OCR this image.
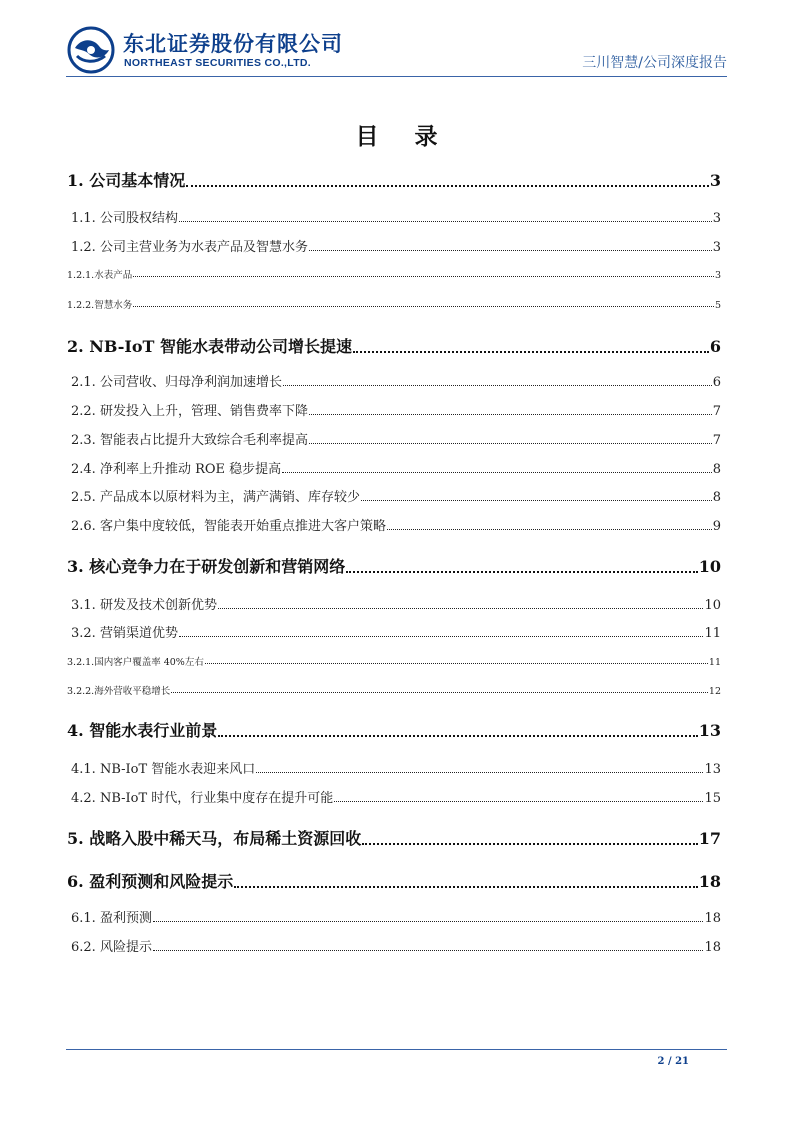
东北证券股份有限公司
NORTHEAST SECURITIES CO.,LTD.	三川智慧/公司深度报告
目 录
1. 公司基本情况	3
1.1. 公司股权结构	3
1.2. 公司主营业务为水表产品及智慧水务	3
1.2.1.水表产品	3
1.2.2.智慧水务	5
2. NB-IoT 智能水表带动公司增长提速	6
2.1. 公司营收、归母净利润加速增长	6
2.2. 研发投入上升，管理、销售费率下降	7
2.3. 智能表占比提升大致综合毛利率提高	7
2.4. 净利率上升推动 ROE 稳步提高	8
2.5. 产品成本以原材料为主，满产满销、库存较少	8
2.6. 客户集中度较低，智能表开始重点推进大客户策略	9
3. 核心竞争力在于研发创新和营销网络	10
3.1. 研发及技术创新优势	10
3.2. 营销渠道优势	11
3.2.1.国内客户覆盖率 40%左右	11
3.2.2.海外营收平稳增长	12
4. 智能水表行业前景	13
4.1. NB-IoT 智能水表迎来风口	13
4.2. NB-IoT 时代，行业集中度存在提升可能	15
5. 战略入股中稀天马，布局稀土资源回收	17
6. 盈利预测和风险提示	18
6.1. 盈利预测	18
6.2. 风险提示	18
2 / 21
